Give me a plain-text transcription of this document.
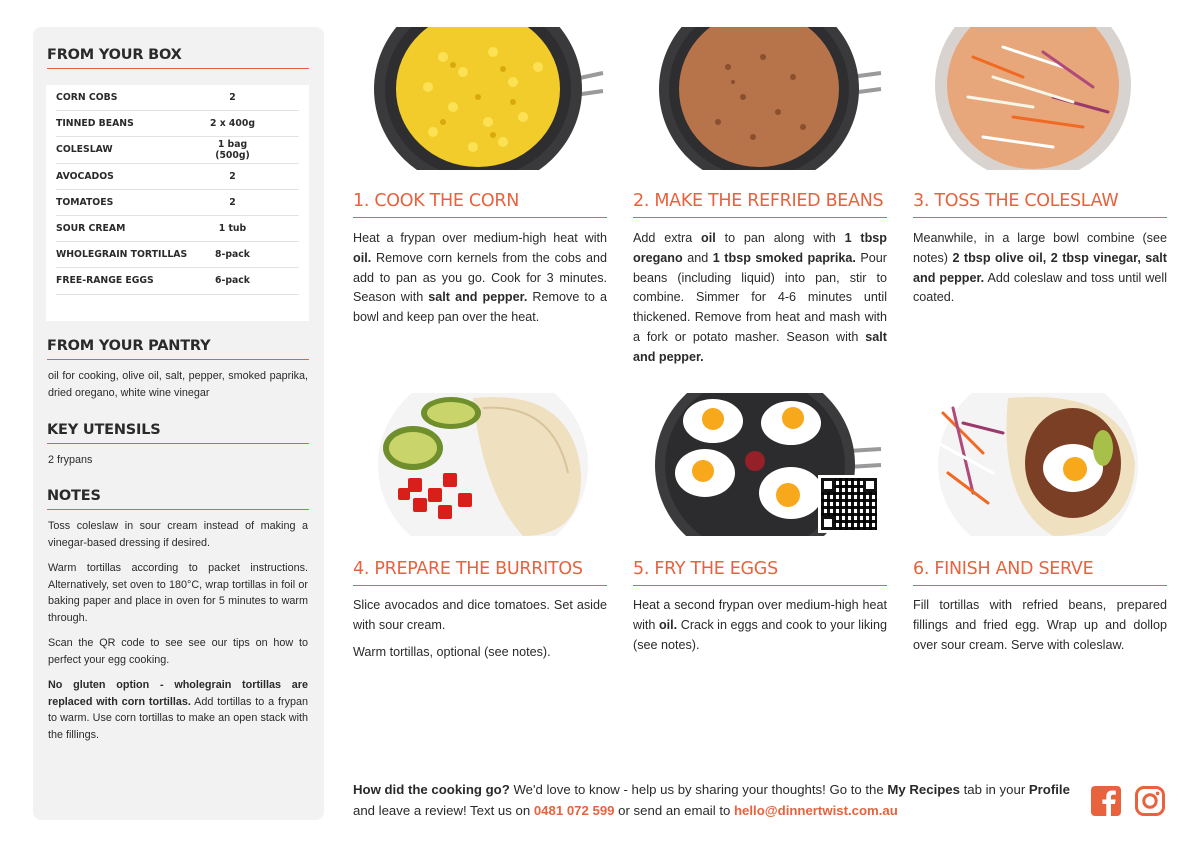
FROM YOUR BOX
CORN COBS	2
TINNED BEANS	2 x 400g
COLESLAW	1 bag (500g)
AVOCADOS	2
TOMATOES	2
SOUR CREAM	1 tub
WHOLEGRAIN TORTILLAS	8-pack
FREE-RANGE EGGS	6-pack
FROM YOUR PANTRY
oil for cooking, olive oil, salt, pepper, smoked paprika, dried oregano, white wine vinegar
KEY UTENSILS
2 frypans
NOTES

Toss coleslaw in sour cream instead of making a vinegar-based dressing if desired.

Warm tortillas according to packet instructions. Alternatively, set oven to 180°C, wrap tortillas in foil or baking paper and place in oven for 5 minutes to warm through.

Scan the QR code to see see our tips on how to perfect your egg cooking.

No gluten option - wholegrain tortillas are replaced with corn tortillas. Add tortillas to a frypan to warm. Use corn tortillas to make an open stack with the fillings.

1. COOK THE CORN

Heat a frypan over medium-high heat with oil. Remove corn kernels from the cobs and add to pan as you go. Cook for 3 minutes. Season with salt and pepper. Remove to a bowl and keep pan over the heat.

2. MAKE THE REFRIED BEANS

Add extra oil to pan along with 1 tbsp oregano and 1 tbsp smoked paprika. Pour beans (including liquid) into pan, stir to combine. Simmer for 4-6 minutes until thickened. Remove from heat and mash with a fork or potato masher. Season with salt and pepper.

3. TOSS THE COLESLAW

Meanwhile, in a large bowl combine (see notes) 2 tbsp olive oil, 2 tbsp vinegar, salt and pepper. Add coleslaw and toss until well coated.

4. PREPARE THE BURRITOS

Slice avocados and dice tomatoes. Set aside with sour cream.

Warm tortillas, optional (see notes).

5. FRY THE EGGS

Heat a second frypan over medium-high heat with oil. Crack in eggs and cook to your liking (see notes).

6. FINISH AND SERVE

Fill tortillas with refried beans, prepared fillings and fried egg. Wrap up and dollop over sour cream. Serve with coleslaw.

How did the cooking go? We'd love to know - help us by sharing your thoughts! Go to the My Recipes tab in your Profile and leave a review! Text us on 0481 072 599 or send an email to hello@dinnertwist.com.au
